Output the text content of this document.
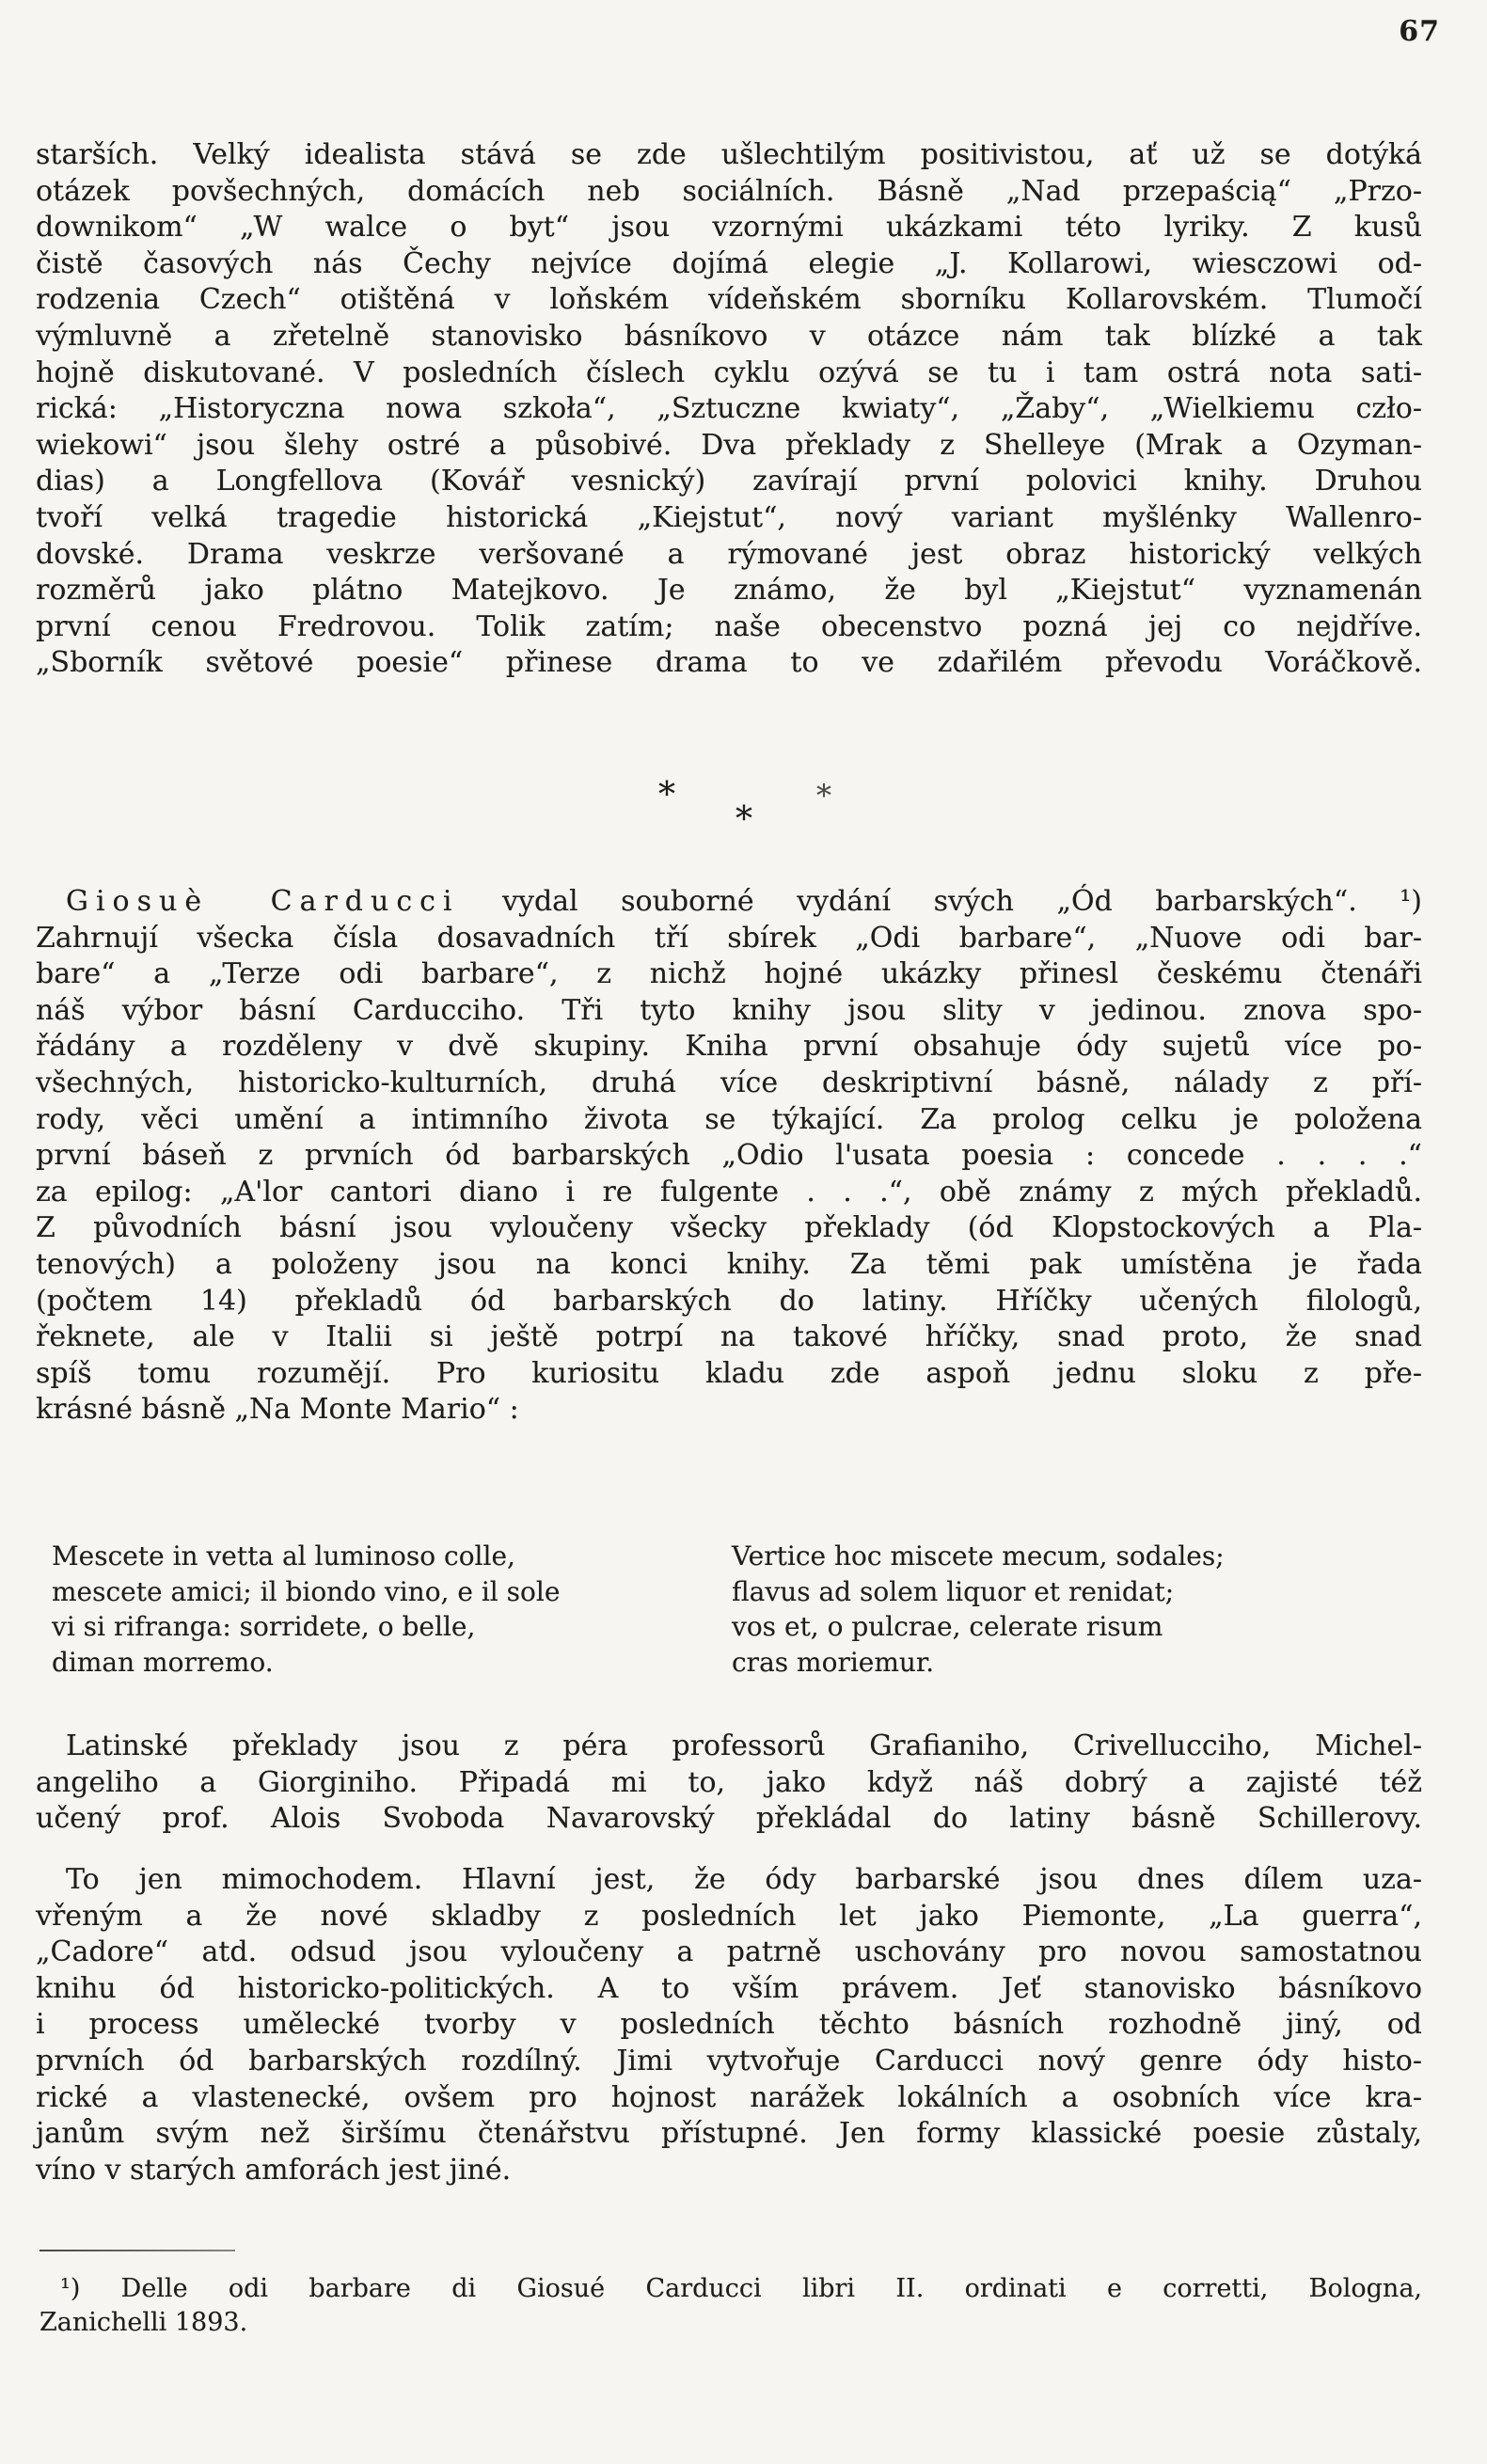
67
starších. Velký idealista stává se zde ušlechtilým positivistou, ať už se dotýká
otázek povšechných, domácích neb sociálních. Básně „Nad przepaścią“ „Przo-
downikom“ „W walce o byt“ jsou vzornými ukázkami této lyriky. Z kusů
čistě časových nás Čechy nejvíce dojímá elegie „J. Kollarowi, wiesczowi od-
rodzenia Czech“ otištěná v loňském vídeňském sborníku Kollarovském. Tlumočí
výmluvně a zřetelně stanovisko básníkovo v otázce nám tak blízké a tak
hojně diskutované. V posledních číslech cyklu ozývá se tu i tam ostrá nota sati-
rická: „Historyczna nowa szkoła“, „Sztuczne kwiaty“, „Žaby“, „Wielkiemu czło-
wiekowi“ jsou šlehy ostré a působivé. Dva překlady z Shelleye (Mrak a Ozyman-
dias) a Longfellova (Kovář vesnický) zavírají první polovici knihy. Druhou
tvoří velká tragedie historická „Kiejstut“, nový variant myšlénky Wallenro-
dovské. Drama veskrze veršované a rýmované jest obraz historický velkých
rozměrů jako plátno Matejkovo. Je známo, že byl „Kiejstut“ vyznamenán
první cenou Fredrovou. Tolik zatím; naše obecenstvo pozná jej co nejdříve.
„Sborník světové poesie“ přinese drama to ve zdařilém převodu Voráčkově.
*	*
*
Giosuè Carducci vydal souborné vydání svých „Ód barbarských“. ¹)
Zahrnují všecka čísla dosavadních tří sbírek „Odi barbare“, „Nuove odi bar-
bare“ a „Terze odi barbare“, z nichž hojné ukázky přinesl českému čtenáři
náš výbor básní Carducciho. Tři tyto knihy jsou slity v jedinou. znova spo-
řádány a rozděleny v dvě skupiny. Kniha první obsahuje ódy sujetů více po-
všechných, historicko-kulturních, druhá více deskriptivní básně, nálady z pří-
rody, věci umění a intimního života se týkající. Za prolog celku je položena
první báseň z prvních ód barbarských „Odio l'usata poesia : concede . . . .“
za epilog: „A'lor cantori diano i re fulgente . . .“, obě známy z mých překladů.
Z původních básní jsou vyloučeny všecky překlady (ód Klopstockových a Pla-
tenových) a položeny jsou na konci knihy. Za těmi pak umístěna je řada
(počtem 14) překladů ód barbarských do latiny. Hříčky učených filologů,
řeknete, ale v Italii si ještě potrpí na takové hříčky, snad proto, že snad
spíš tomu rozumějí. Pro kuriositu kladu zde aspoň jednu sloku z pře-
krásné básně „Na Monte Mario“ :
Mescete in vetta al luminoso colle,
mescete amici; il biondo vino, e il sole
vi si rifranga: sorridete, o belle,
diman morremo.
Vertice hoc miscete mecum, sodales;
flavus ad solem liquor et renidat;
vos et, o pulcrae, celerate risum
cras moriemur.
Latinské překlady jsou z péra professorů Grafianiho, Crivellucciho, Michel-
angeliho a Giorginiho. Připadá mi to, jako když náš dobrý a zajisté též
učený prof. Alois Svoboda Navarovský překládal do latiny básně Schillerovy.
To jen mimochodem. Hlavní jest, že ódy barbarské jsou dnes dílem uza-
vřeným a že nové skladby z posledních let jako Piemonte, „La guerra“,
„Cadore“ atd. odsud jsou vyloučeny a patrně uschovány pro novou samostatnou
knihu ód historicko-politických. A to vším právem. Jeť stanovisko básníkovo
i process umělecké tvorby v posledních těchto básních rozhodně jiný, od
prvních ód barbarských rozdílný. Jimi vytvořuje Carducci nový genre ódy histo-
rické a vlastenecké, ovšem pro hojnost narážek lokálních a osobních více kra-
janům svým než širšímu čtenářstvu přístupné. Jen formy klassické poesie zůstaly,
víno v starých amforách jest jiné.
¹) Delle odi barbare di Giosué Carducci libri II. ordinati e corretti, Bologna,
Zanichelli 1893.
